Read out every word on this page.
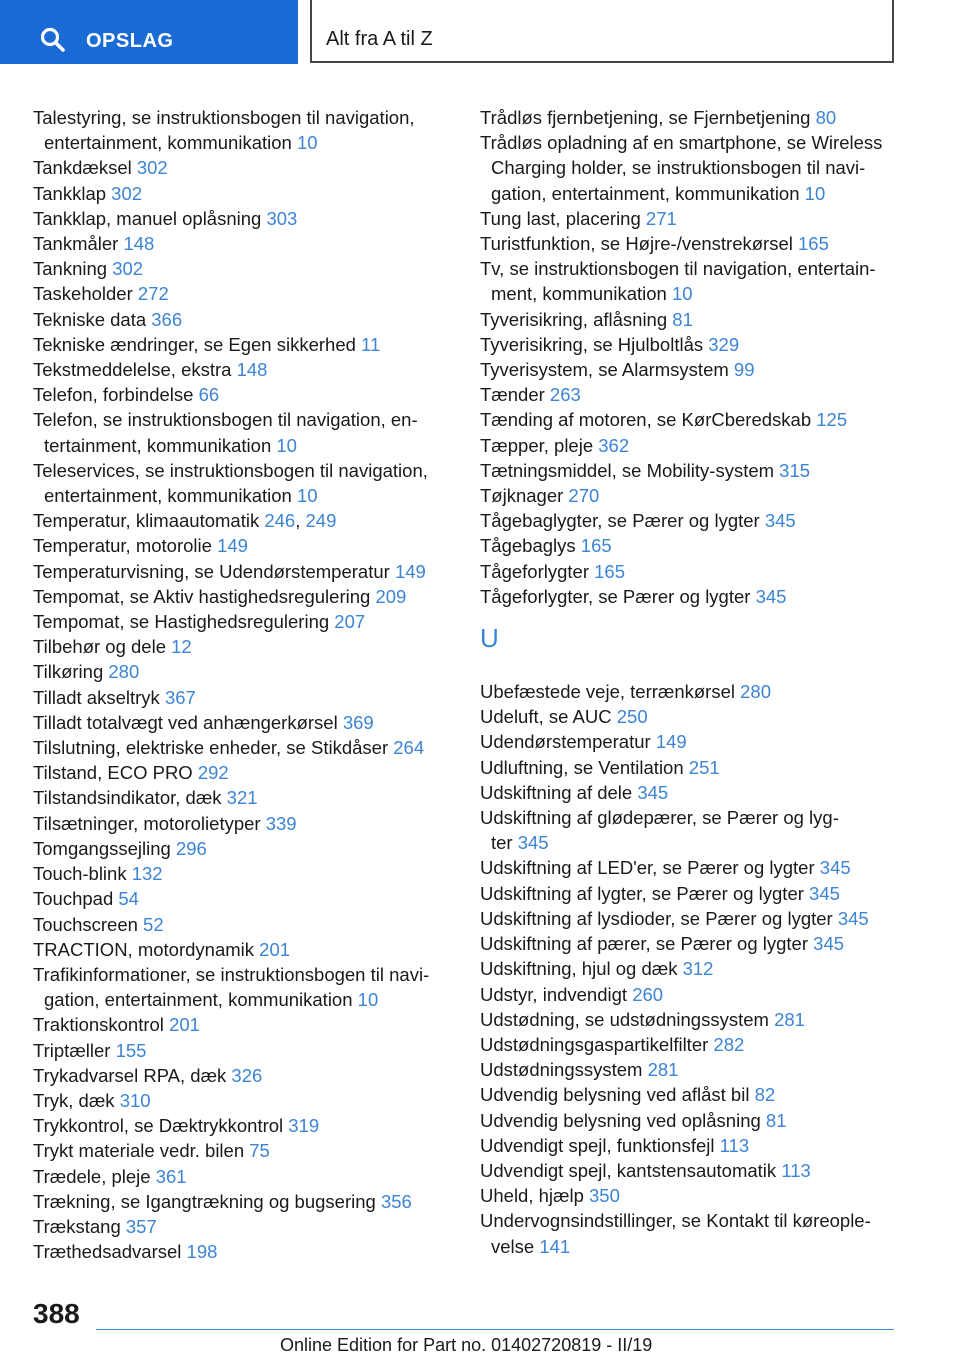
OPSLAG	Alt fra A til Z
Talestyring, se instruktionsbogen til navigation,
entertainment, kommunikation 10
Tankdæksel 302
Tankklap 302
Tankklap, manuel oplåsning 303
Tankmåler 148
Tankning 302
Taskeholder 272
Tekniske data 366
Tekniske ændringer, se Egen sikkerhed 11
Tekstmeddelelse, ekstra 148
Telefon, forbindelse 66
Telefon, se instruktionsbogen til navigation, en-
tertainment, kommunikation 10
Teleservices, se instruktionsbogen til navigation,
entertainment, kommunikation 10
Temperatur, klimaautomatik 246, 249
Temperatur, motorolie 149
Temperaturvisning, se Udendørstemperatur 149
Tempomat, se Aktiv hastighedsregulering 209
Tempomat, se Hastighedsregulering 207
Tilbehør og dele 12
Tilkøring 280
Tilladt akseltryk 367
Tilladt totalvægt ved anhængerkørsel 369
Tilslutning, elektriske enheder, se Stikdåser 264
Tilstand, ECO PRO 292
Tilstandsindikator, dæk 321
Tilsætninger, motorolietyper 339
Tomgangssejling 296
Touch-blink 132
Touchpad 54
Touchscreen 52
TRACTION, motordynamik 201
Trafikinformationer, se instruktionsbogen til navi-
gation, entertainment, kommunikation 10
Traktionskontrol 201
Triptæller 155
Trykadvarsel RPA, dæk 326
Tryk, dæk 310
Trykkontrol, se Dæktrykkontrol 319
Trykt materiale vedr. bilen 75
Trædele, pleje 361
Trækning, se Igangtrækning og bugsering 356
Trækstang 357
Træthedsadvarsel 198
Trådløs fjernbetjening, se Fjernbetjening 80
Trådløs opladning af en smartphone, se Wireless
Charging holder, se instruktionsbogen til navi-
gation, entertainment, kommunikation 10
Tung last, placering 271
Turistfunktion, se Højre-/venstrekørsel 165
Tv, se instruktionsbogen til navigation, entertain-
ment, kommunikation 10
Tyverisikring, aflåsning 81
Tyverisikring, se Hjulboltlås 329
Tyverisystem, se Alarmsystem 99
Tænder 263
Tænding af motoren, se KørCberedskab 125
Tæpper, pleje 362
Tætningsmiddel, se Mobility-system 315
Tøjknager 270
Tågebaglygter, se Pærer og lygter 345
Tågebaglys 165
Tågeforlygter 165
Tågeforlygter, se Pærer og lygter 345
U
Ubefæstede veje, terrænkørsel 280
Udeluft, se AUC 250
Udendørstemperatur 149
Udluftning, se Ventilation 251
Udskiftning af dele 345
Udskiftning af glødepærer, se Pærer og lyg-
ter 345
Udskiftning af LED'er, se Pærer og lygter 345
Udskiftning af lygter, se Pærer og lygter 345
Udskiftning af lysdioder, se Pærer og lygter 345
Udskiftning af pærer, se Pærer og lygter 345
Udskiftning, hjul og dæk 312
Udstyr, indvendigt 260
Udstødning, se udstødningssystem 281
Udstødningsgaspartikelfilter 282
Udstødningssystem 281
Udvendig belysning ved aflåst bil 82
Udvendig belysning ved oplåsning 81
Udvendigt spejl, funktionsfejl 113
Udvendigt spejl, kantstensautomatik 113
Uheld, hjælp 350
Undervognsindstillinger, se Kontakt til køreople-
velse 141
388
Online Edition for Part no. 01402720819 - II/19
